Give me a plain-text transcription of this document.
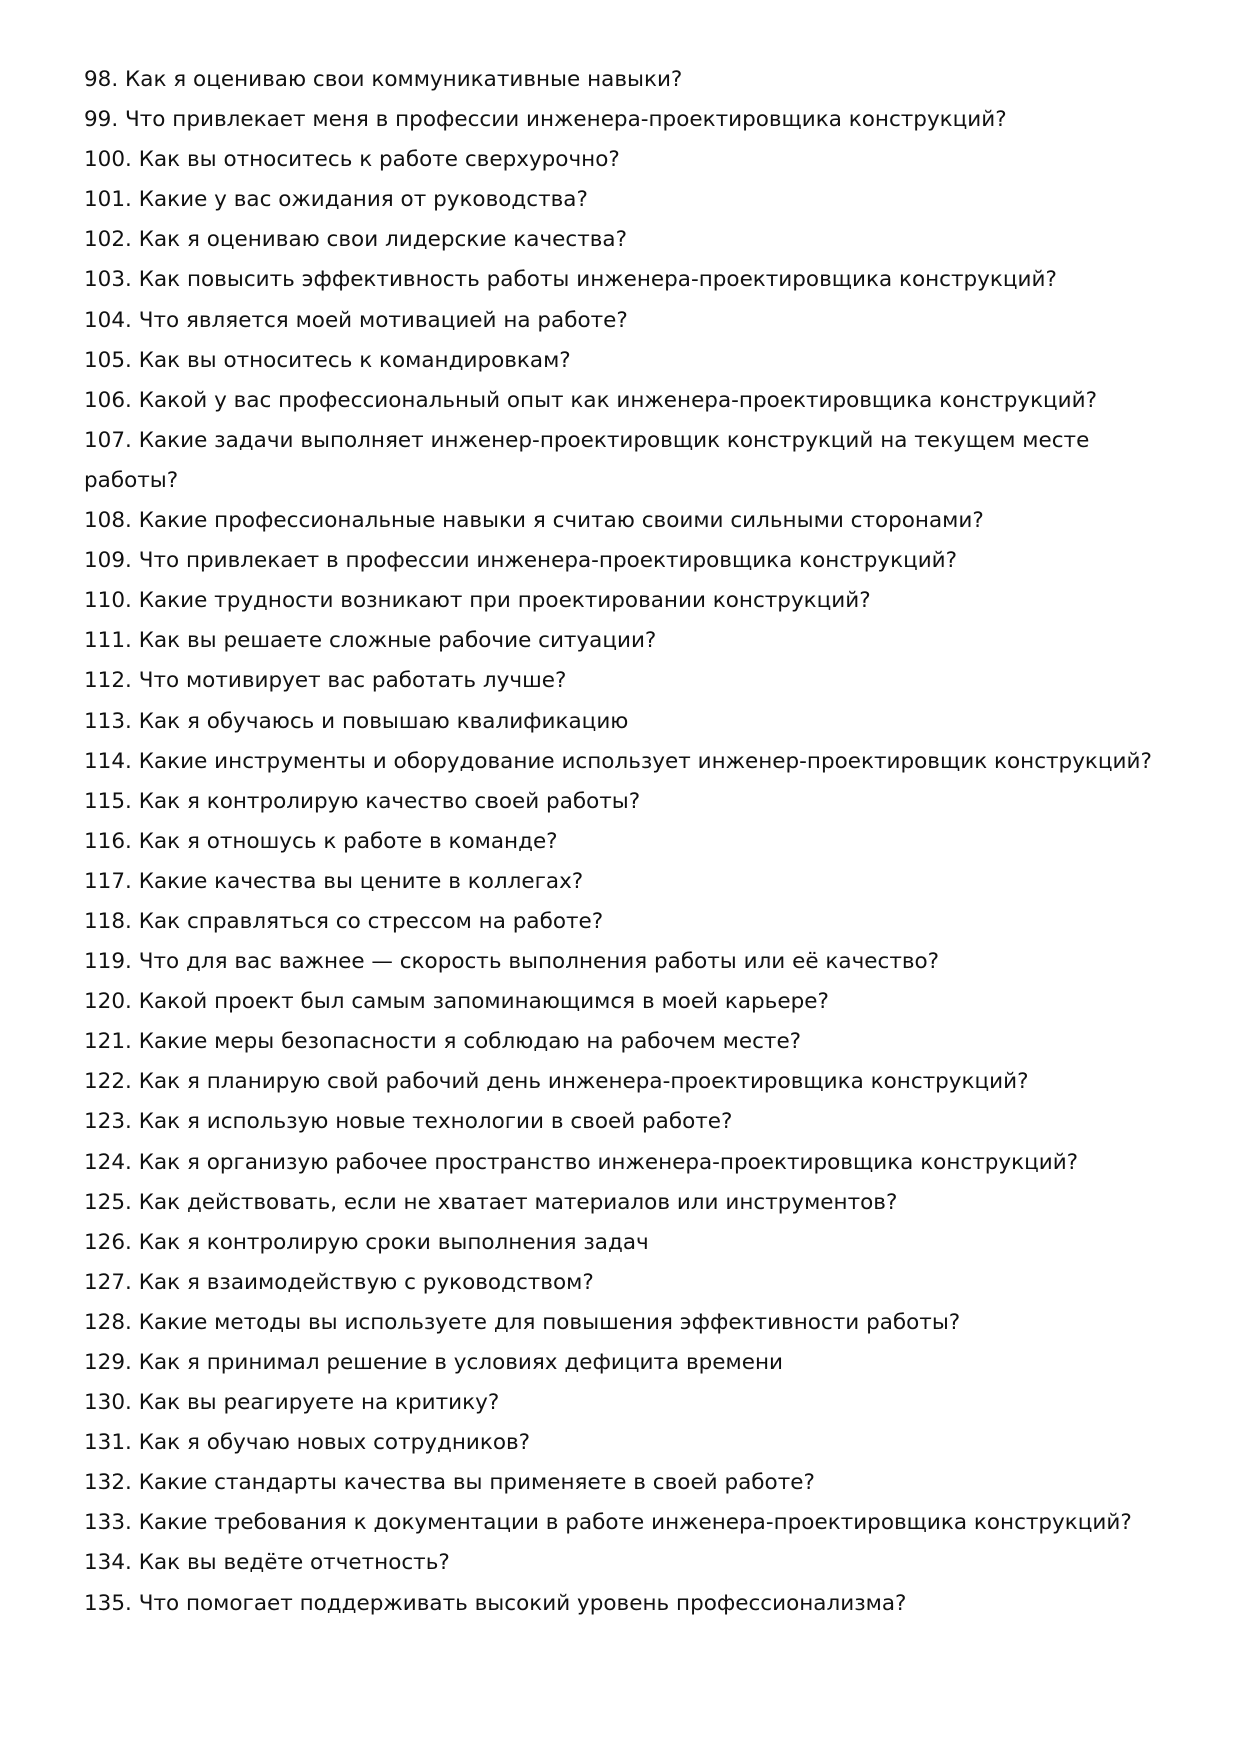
98. Как я оцениваю свои коммуникативные навыки?
99. Что привлекает меня в профессии инженера-проектировщика конструкций?
100. Как вы относитесь к работе сверхурочно?
101. Какие у вас ожидания от руководства?
102. Как я оцениваю свои лидерские качества?
103. Как повысить эффективность работы инженера-проектировщика конструкций?
104. Что является моей мотивацией на работе?
105. Как вы относитесь к командировкам?
106. Какой у вас профессиональный опыт как инженера-проектировщика конструкций?
107. Какие задачи выполняет инженер-проектировщик конструкций на текущем месте работы?
108. Какие профессиональные навыки я считаю своими сильными сторонами?
109. Что привлекает в профессии инженера-проектировщика конструкций?
110. Какие трудности возникают при проектировании конструкций?
111. Как вы решаете сложные рабочие ситуации?
112. Что мотивирует вас работать лучше?
113. Как я обучаюсь и повышаю квалификацию
114. Какие инструменты и оборудование использует инженер-проектировщик конструкций?
115. Как я контролирую качество своей работы?
116. Как я отношусь к работе в команде?
117. Какие качества вы цените в коллегах?
118. Как справляться со стрессом на работе?
119. Что для вас важнее — скорость выполнения работы или её качество?
120. Какой проект был самым запоминающимся в моей карьере?
121. Какие меры безопасности я соблюдаю на рабочем месте?
122. Как я планирую свой рабочий день инженера-проектировщика конструкций?
123. Как я использую новые технологии в своей работе?
124. Как я организую рабочее пространство инженера-проектировщика конструкций?
125. Как действовать, если не хватает материалов или инструментов?
126. Как я контролирую сроки выполнения задач
127. Как я взаимодействую с руководством?
128. Какие методы вы используете для повышения эффективности работы?
129. Как я принимал решение в условиях дефицита времени
130. Как вы реагируете на критику?
131. Как я обучаю новых сотрудников?
132. Какие стандарты качества вы применяете в своей работе?
133. Какие требования к документации в работе инженера-проектировщика конструкций?
134. Как вы ведёте отчетность?
135. Что помогает поддерживать высокий уровень профессионализма?
